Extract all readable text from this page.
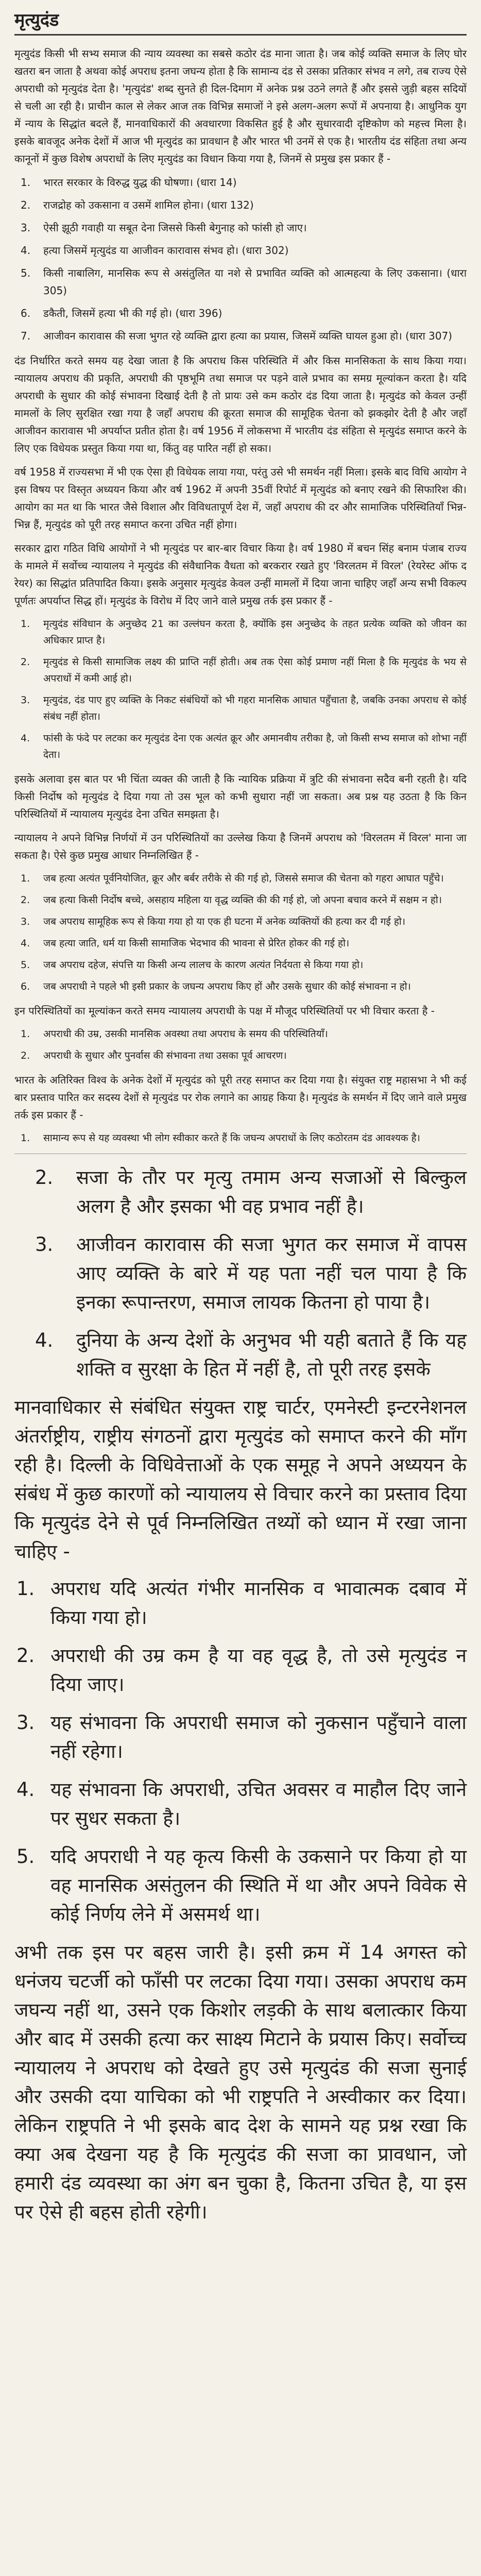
मृत्युदंड

मृत्युदंड किसी भी सभ्य समाज की न्याय व्यवस्था का सबसे कठोर दंड माना जाता है। जब कोई व्यक्ति समाज के लिए घोर खतरा बन जाता है अथवा कोई अपराध इतना जघन्य होता है कि सामान्य दंड से उसका प्रतिकार संभव न लगे, तब राज्य ऐसे अपराधी को मृत्युदंड देता है। 'मृत्युदंड' शब्द सुनते ही दिल-दिमाग में अनेक प्रश्न उठने लगते हैं और इससे जुड़ी बहस सदियों से चली आ रही है। प्राचीन काल से लेकर आज तक विभिन्न समाजों ने इसे अलग-अलग रूपों में अपनाया है। आधुनिक युग में न्याय के सिद्धांत बदले हैं, मानवाधिकारों की अवधारणा विकसित हुई है और सुधारवादी दृष्टिकोण को महत्त्व मिला है। इसके बावजूद अनेक देशों में आज भी मृत्युदंड का प्रावधान है और भारत भी उनमें से एक है। भारतीय दंड संहिता तथा अन्य कानूनों में कुछ विशेष अपराधों के लिए मृत्युदंड का विधान किया गया है, जिनमें से प्रमुख इस प्रकार हैं -

1.	भारत सरकार के विरुद्ध युद्ध की घोषणा। (धारा 14)
2.	राजद्रोह को उकसाना व उसमें शामिल होना। (धारा 132)
3.	ऐसी झूठी गवाही या सबूत देना जिससे किसी बेगुनाह को फांसी हो जाए।
4.	हत्या जिसमें मृत्युदंड या आजीवन कारावास संभव हो। (धारा 302)
5.	किसी नाबालिग, मानसिक रूप से असंतुलित या नशे से प्रभावित व्यक्ति को आत्महत्या के लिए उकसाना। (धारा 305)
6.	डकैती, जिसमें हत्या भी की गई हो। (धारा 396)
7.	आजीवन कारावास की सजा भुगत रहे व्यक्ति द्वारा हत्या का प्रयास, जिसमें व्यक्ति घायल हुआ हो। (धारा 307)

दंड निर्धारित करते समय यह देखा जाता है कि अपराध किस परिस्थिति में और किस मानसिकता के साथ किया गया। न्यायालय अपराध की प्रकृति, अपराधी की पृष्ठभूमि तथा समाज पर पड़ने वाले प्रभाव का समग्र मूल्यांकन करता है। यदि अपराधी के सुधार की कोई संभावना दिखाई देती है तो प्रायः उसे कम कठोर दंड दिया जाता है। मृत्युदंड को केवल उन्हीं मामलों के लिए सुरक्षित रखा गया है जहाँ अपराध की क्रूरता समाज की सामूहिक चेतना को झकझोर देती है और जहाँ आजीवन कारावास भी अपर्याप्त प्रतीत होता है। वर्ष 1956 में लोकसभा में भारतीय दंड संहिता से मृत्युदंड समाप्त करने के लिए एक विधेयक प्रस्तुत किया गया था, किंतु वह पारित नहीं हो सका।

वर्ष 1958 में राज्यसभा में भी एक ऐसा ही विधेयक लाया गया, परंतु उसे भी समर्थन नहीं मिला। इसके बाद विधि आयोग ने इस विषय पर विस्तृत अध्ययन किया और वर्ष 1962 में अपनी 35वीं रिपोर्ट में मृत्युदंड को बनाए रखने की सिफारिश की। आयोग का मत था कि भारत जैसे विशाल और विविधतापूर्ण देश में, जहाँ अपराध की दर और सामाजिक परिस्थितियाँ भिन्न-भिन्न हैं, मृत्युदंड को पूरी तरह समाप्त करना उचित नहीं होगा।

सरकार द्वारा गठित विधि आयोगों ने भी मृत्युदंड पर बार-बार विचार किया है। वर्ष 1980 में बचन सिंह बनाम पंजाब राज्य के मामले में सर्वोच्च न्यायालय ने मृत्युदंड की संवैधानिक वैधता को बरकरार रखते हुए 'विरलतम में विरल' (रेयरेस्ट ऑफ द रेयर) का सिद्धांत प्रतिपादित किया। इसके अनुसार मृत्युदंड केवल उन्हीं मामलों में दिया जाना चाहिए जहाँ अन्य सभी विकल्प पूर्णतः अपर्याप्त सिद्ध हों। मृत्युदंड के विरोध में दिए जाने वाले प्रमुख तर्क इस प्रकार हैं -

1.	मृत्युदंड संविधान के अनुच्छेद 21 का उल्लंघन करता है, क्योंकि इस अनुच्छेद के तहत प्रत्येक व्यक्ति को जीवन का अधिकार प्राप्त है।
2.	मृत्युदंड से किसी सामाजिक लक्ष्य की प्राप्ति नहीं होती। अब तक ऐसा कोई प्रमाण नहीं मिला है कि मृत्युदंड के भय से अपराधों में कमी आई हो।
3.	मृत्युदंड, दंड पाए हुए व्यक्ति के निकट संबंधियों को भी गहरा मानसिक आघात पहुँचाता है, जबकि उनका अपराध से कोई संबंध नहीं होता।
4.	फांसी के फंदे पर लटका कर मृत्युदंड देना एक अत्यंत क्रूर और अमानवीय तरीका है, जो किसी सभ्य समाज को शोभा नहीं देता।

इसके अलावा इस बात पर भी चिंता व्यक्त की जाती है कि न्यायिक प्रक्रिया में त्रुटि की संभावना सदैव बनी रहती है। यदि किसी निर्दोष को मृत्युदंड दे दिया गया तो उस भूल को कभी सुधारा नहीं जा सकता। अब प्रश्न यह उठता है कि किन परिस्थितियों में न्यायालय मृत्युदंड देना उचित समझता है।

न्यायालय ने अपने विभिन्न निर्णयों में उन परिस्थितियों का उल्लेख किया है जिनमें अपराध को 'विरलतम में विरल' माना जा सकता है। ऐसे कुछ प्रमुख आधार निम्नलिखित हैं -

1.	जब हत्या अत्यंत पूर्वनियोजित, क्रूर और बर्बर तरीके से की गई हो, जिससे समाज की चेतना को गहरा आघात पहुँचे।
2.	जब हत्या किसी निर्दोष बच्चे, असहाय महिला या वृद्ध व्यक्ति की की गई हो, जो अपना बचाव करने में सक्षम न हो।
3.	जब अपराध सामूहिक रूप से किया गया हो या एक ही घटना में अनेक व्यक्तियों की हत्या कर दी गई हो।
4.	जब हत्या जाति, धर्म या किसी सामाजिक भेदभाव की भावना से प्रेरित होकर की गई हो।
5.	जब अपराध दहेज, संपत्ति या किसी अन्य लालच के कारण अत्यंत निर्दयता से किया गया हो।
6.	जब अपराधी ने पहले भी इसी प्रकार के जघन्य अपराध किए हों और उसके सुधार की कोई संभावना न हो।

इन परिस्थितियों का मूल्यांकन करते समय न्यायालय अपराधी के पक्ष में मौजूद परिस्थितियों पर भी विचार करता है -

1.	अपराधी की उम्र, उसकी मानसिक अवस्था तथा अपराध के समय की परिस्थितियाँ।
2.	अपराधी के सुधार और पुनर्वास की संभावना तथा उसका पूर्व आचरण।

भारत के अतिरिक्त विश्व के अनेक देशों में मृत्युदंड को पूरी तरह समाप्त कर दिया गया है। संयुक्त राष्ट्र महासभा ने भी कई बार प्रस्ताव पारित कर सदस्य देशों से मृत्युदंड पर रोक लगाने का आग्रह किया है। मृत्युदंड के समर्थन में दिए जाने वाले प्रमुख तर्क इस प्रकार हैं -

1.	सामान्य रूप से यह व्यवस्था भी लोग स्वीकार करते हैं कि जघन्य अपराधों के लिए कठोरतम दंड आवश्यक है।
2.	सजा के तौर पर मृत्यु तमाम अन्य सजाओं से बिल्कुल अलग है और इसका भी वह प्रभाव नहीं है।
3.	आजीवन कारावास की सजा भुगत कर समाज में वापस आए व्यक्ति के बारे में यह पता नहीं चल पाया है कि इनका रूपान्तरण, समाज लायक कितना हो पाया है।
4.	दुनिया के अन्य देशों के अनुभव भी यही बताते हैं कि यह शक्ति व सुरक्षा के हित में नहीं है, तो पूरी तरह इसके

मानवाधिकार से संबंधित संयुक्त राष्ट्र चार्टर, एमनेस्टी इन्टरनेशनल अंतर्राष्ट्रीय, राष्ट्रीय संगठनों द्वारा मृत्युदंड को समाप्त करने की माँग रही है। दिल्ली के विधिवेत्ताओं के एक समूह ने अपने अध्ययन के संबंध में कुछ कारणों को न्यायालय से विचार करने का प्रस्ताव दिया कि मृत्युदंड देने से पूर्व निम्नलिखित तथ्यों को ध्यान में रखा जाना चाहिए -

1. अपराध यदि अत्यंत गंभीर मानसिक व भावात्मक दबाव में किया गया हो।
2. अपराधी की उम्र कम है या वह वृद्ध है, तो उसे मृत्युदंड न दिया जाए।
3. यह संभावना कि अपराधी समाज को नुकसान पहुँचाने वाला नहीं रहेगा।
4. यह संभावना कि अपराधी, उचित अवसर व माहौल दिए जाने पर सुधर सकता है।
5. यदि अपराधी ने यह कृत्य किसी के उकसाने पर किया हो या वह मानसिक असंतुलन की स्थिति में था और अपने विवेक से कोई निर्णय लेने में असमर्थ था।

अभी तक इस पर बहस जारी है। इसी क्रम में 14 अगस्त को धनंजय चटर्जी को फाँसी पर लटका दिया गया। उसका अपराध कम जघन्य नहीं था, उसने एक किशोर लड़की के साथ बलात्कार किया और बाद में उसकी हत्या कर साक्ष्य मिटाने के प्रयास किए। सर्वोच्च न्यायालय ने अपराध को देखते हुए उसे मृत्युदंड की सजा सुनाई और उसकी दया याचिका को भी राष्ट्रपति ने अस्वीकार कर दिया। लेकिन राष्ट्रपति ने भी इसके बाद देश के सामने यह प्रश्न रखा कि क्या अब देखना यह है कि मृत्युदंड की सजा का प्रावधान, जो हमारी दंड व्यवस्था का अंग बन चुका है, कितना उचित है, या इस पर ऐसे ही बहस होती रहेगी।
